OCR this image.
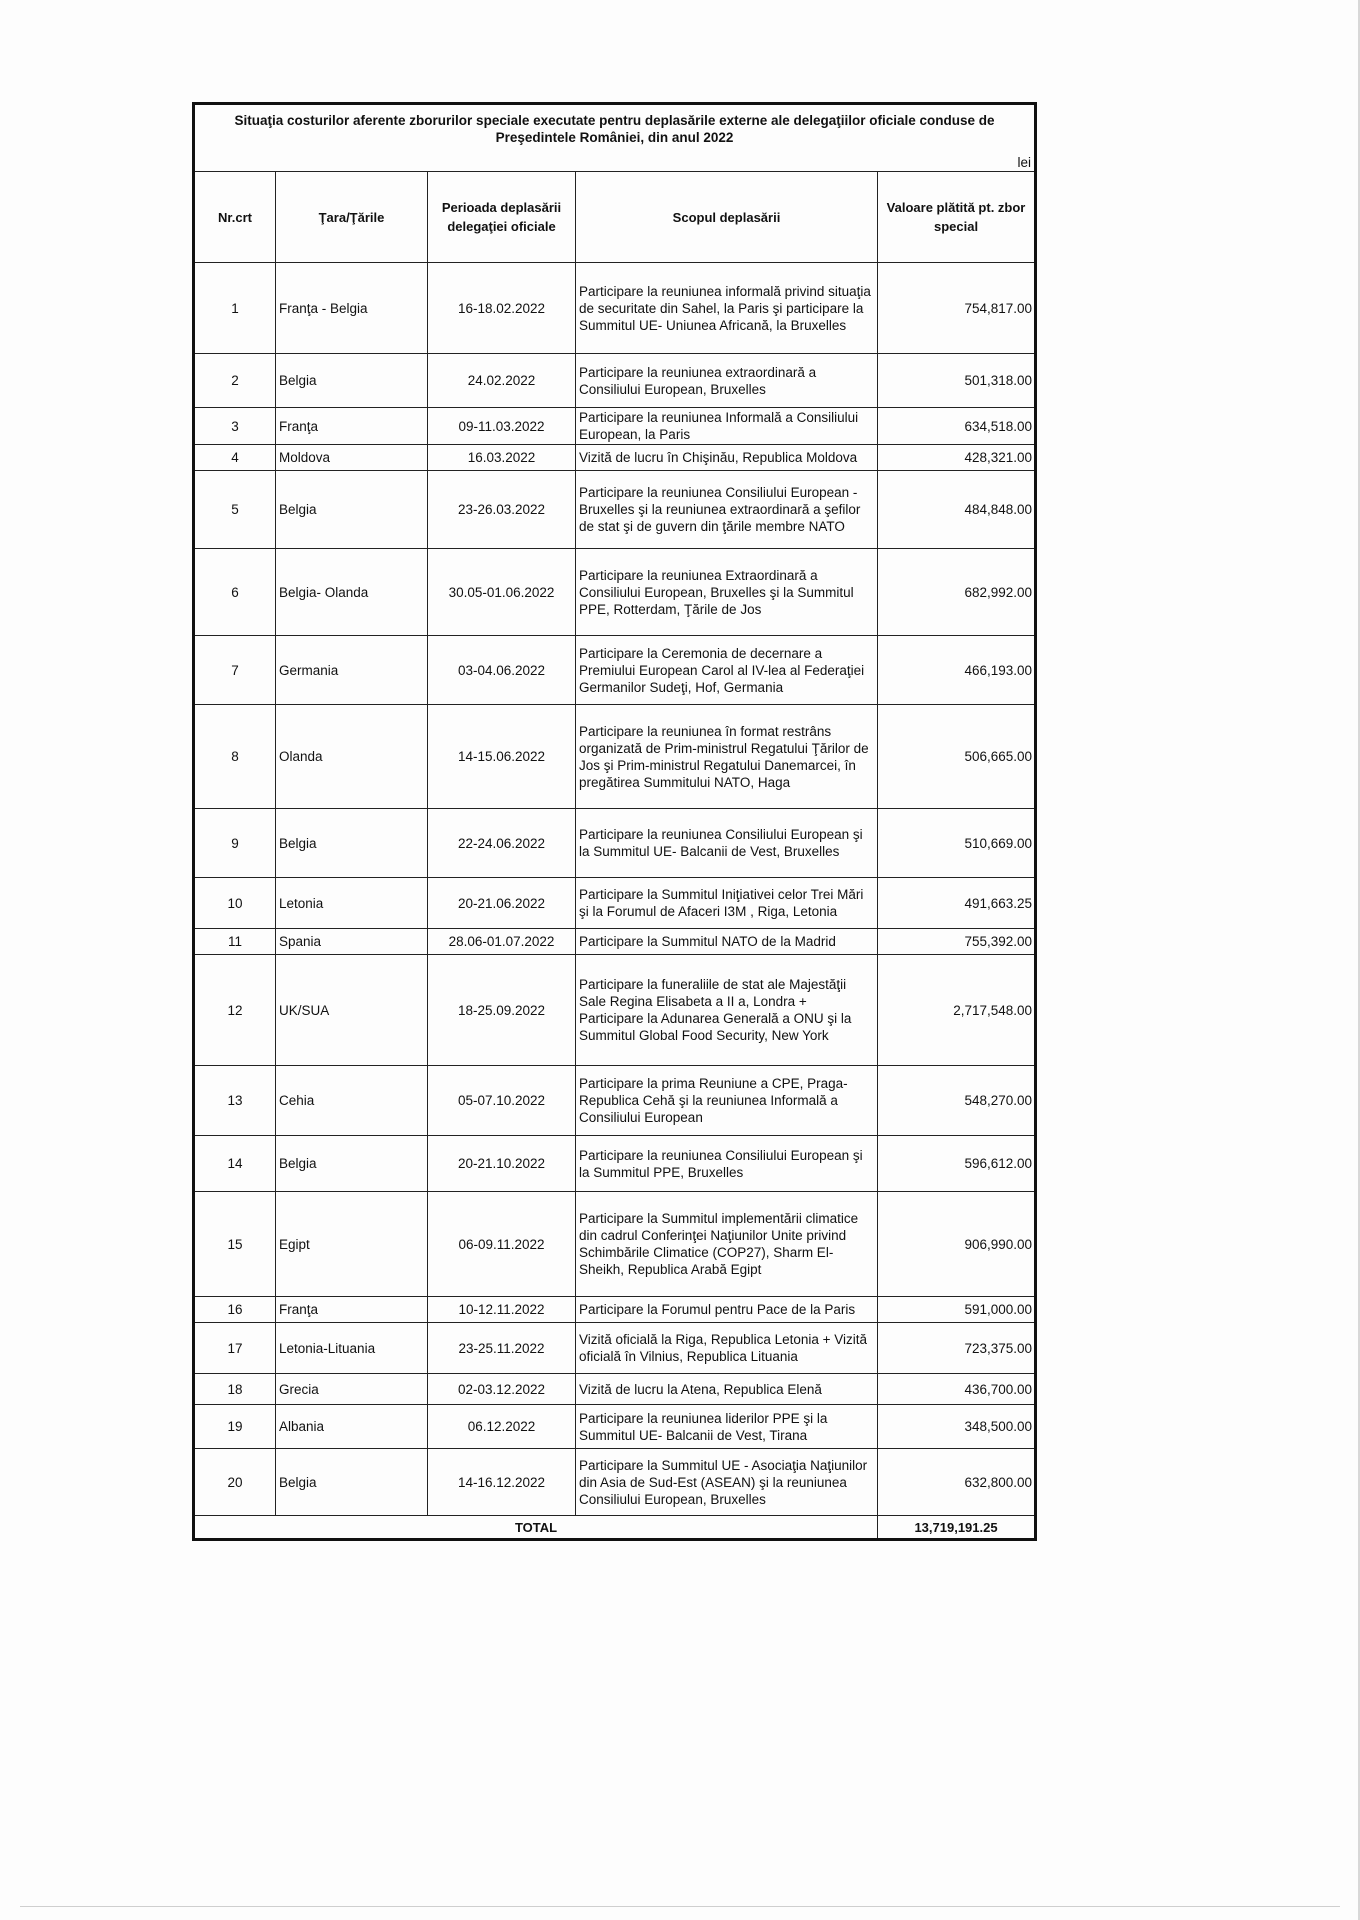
Situaţia costurilor aferente zborurilor speciale executate pentru deplasările externe ale delegaţiilor oficiale conduse de Preşedintele României, din anul 2022				
lei				
Nr.crt	Ţara/Ţările	Perioada deplasării delegaţiei oficiale	Scopul deplasării	Valoare plătită pt. zbor special
1	Franţa - Belgia	16-18.02.2022	Participare la reuniunea informală privind situaţia de securitate din Sahel, la Paris şi participare la Summitul UE- Uniunea Africană, la Bruxelles	754,817.00
2	Belgia	24.02.2022	Participare la reuniunea extraordinară a Consiliului European, Bruxelles	501,318.00
3	Franţa	09-11.03.2022	Participare la reuniunea Informală a Consiliului European, la Paris	634,518.00
4	Moldova	16.03.2022	Vizită de lucru în Chişinău, Republica Moldova	428,321.00
5	Belgia	23-26.03.2022	Participare la reuniunea Consiliului European - Bruxelles şi la reuniunea extraordinară a şefilor de stat şi de guvern din ţările membre NATO	484,848.00
6	Belgia- Olanda	30.05-01.06.2022	Participare la reuniunea Extraordinară a Consiliului European, Bruxelles şi la Summitul PPE, Rotterdam, Ţările de Jos	682,992.00
7	Germania	03-04.06.2022	Participare la Ceremonia de decernare a Premiului European Carol al IV-lea al Federaţiei Germanilor Sudeţi, Hof, Germania	466,193.00
8	Olanda	14-15.06.2022	Participare la reuniunea în format restrâns organizată de Prim-ministrul Regatului Ţărilor de Jos şi Prim-ministrul Regatului Danemarcei, în pregătirea Summitului NATO, Haga	506,665.00
9	Belgia	22-24.06.2022	Participare la reuniunea Consiliului European şi la Summitul UE- Balcanii de Vest, Bruxelles	510,669.00
10	Letonia	20-21.06.2022	Participare la Summitul Iniţiativei celor Trei Mări şi la Forumul de Afaceri I3M , Riga, Letonia	491,663.25
11	Spania	28.06-01.07.2022	Participare la Summitul NATO de la Madrid	755,392.00
12	UK/SUA	18-25.09.2022	Participare la funeraliile de stat ale Majestăţii Sale Regina Elisabeta a II a, Londra + Participare la Adunarea Generală a ONU şi la Summitul Global Food Security, New York	2,717,548.00
13	Cehia	05-07.10.2022	Participare la prima Reuniune a CPE, Praga- Republica Cehă şi la reuniunea Informală a Consiliului European	548,270.00
14	Belgia	20-21.10.2022	Participare la reuniunea Consiliului European şi la Summitul PPE, Bruxelles	596,612.00
15	Egipt	06-09.11.2022	Participare la Summitul implementării climatice din cadrul Conferinţei Naţiunilor Unite privind Schimbările Climatice (COP27), Sharm El-Sheikh, Republica Arabă Egipt	906,990.00
16	Franţa	10-12.11.2022	Participare la Forumul pentru Pace de la Paris	591,000.00
17	Letonia-Lituania	23-25.11.2022	Vizită oficială la Riga, Republica Letonia + Vizită oficială în Vilnius, Republica Lituania	723,375.00
18	Grecia	02-03.12.2022	Vizită de lucru la Atena, Republica Elenă	436,700.00
19	Albania	06.12.2022	Participare la reuniunea liderilor PPE şi la Summitul UE- Balcanii de Vest, Tirana	348,500.00
20	Belgia	14-16.12.2022	Participare la Summitul UE - Asociaţia Naţiunilor din Asia de Sud-Est (ASEAN) şi la reuniunea Consiliului European, Bruxelles	632,800.00
TOTAL				13,719,191.25
